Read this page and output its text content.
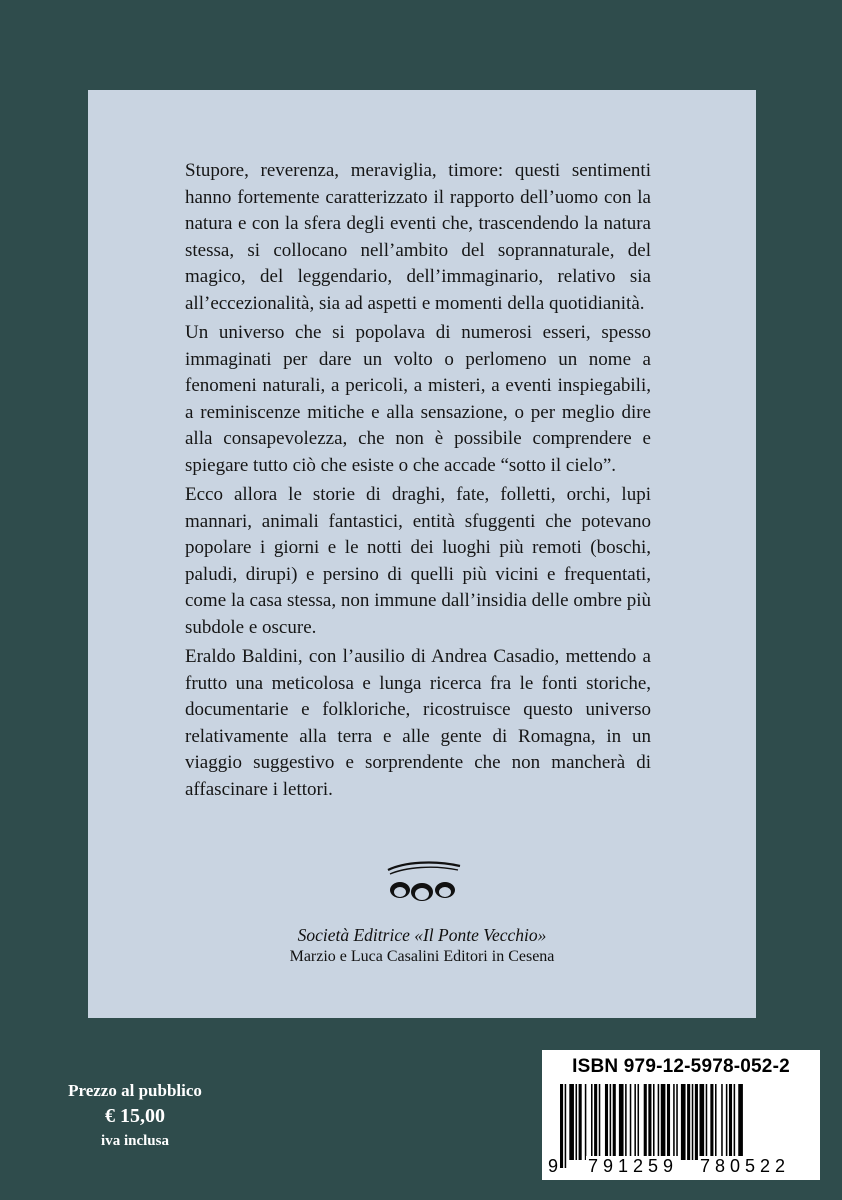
Stupore, reverenza, meraviglia, timore: questi sentimenti hanno fortemente caratterizzato il rapporto dell’uomo con la natura e con la sfera degli eventi che, trascendendo la natura stessa, si collocano nell’ambito del soprannaturale, del magico, del leggendario, dell’immaginario, relativo sia all’eccezionalità, sia ad aspetti e momenti della quotidianità.

Un universo che si popolava di numerosi esseri, spesso immaginati per dare un volto o perlomeno un nome a fenomeni naturali, a pericoli, a misteri, a eventi inspiegabili, a reminiscenze mitiche e alla sensazione, o per meglio dire alla consapevolezza, che non è possibile comprendere e spiegare tutto ciò che esiste o che accade “sotto il cielo”.

Ecco allora le storie di draghi, fate, folletti, orchi, lupi mannari, animali fantastici, entità sfuggenti che potevano popolare i giorni e le notti dei luoghi più remoti (boschi, paludi, dirupi) e persino di quelli più vicini e frequentati, come la casa stessa, non immune dall’insidia delle ombre più subdole e oscure.

Eraldo Baldini, con l’ausilio di Andrea Casadio, mettendo a frutto una meticolosa e lunga ricerca fra le fonti storiche, documentarie e folkloriche, ricostruisce questo universo relativamente alla terra e alle gente di Romagna, in un viaggio suggestivo e sorprendente che non mancherà di affascinare i lettori.

Società Editrice «Il Ponte Vecchio»
Marzio e Luca Casalini Editori in Cesena
Prezzo al pubblico
€ 15,00
iva inclusa
ISBN 979-12-5978-052-2
9 791259 780522
